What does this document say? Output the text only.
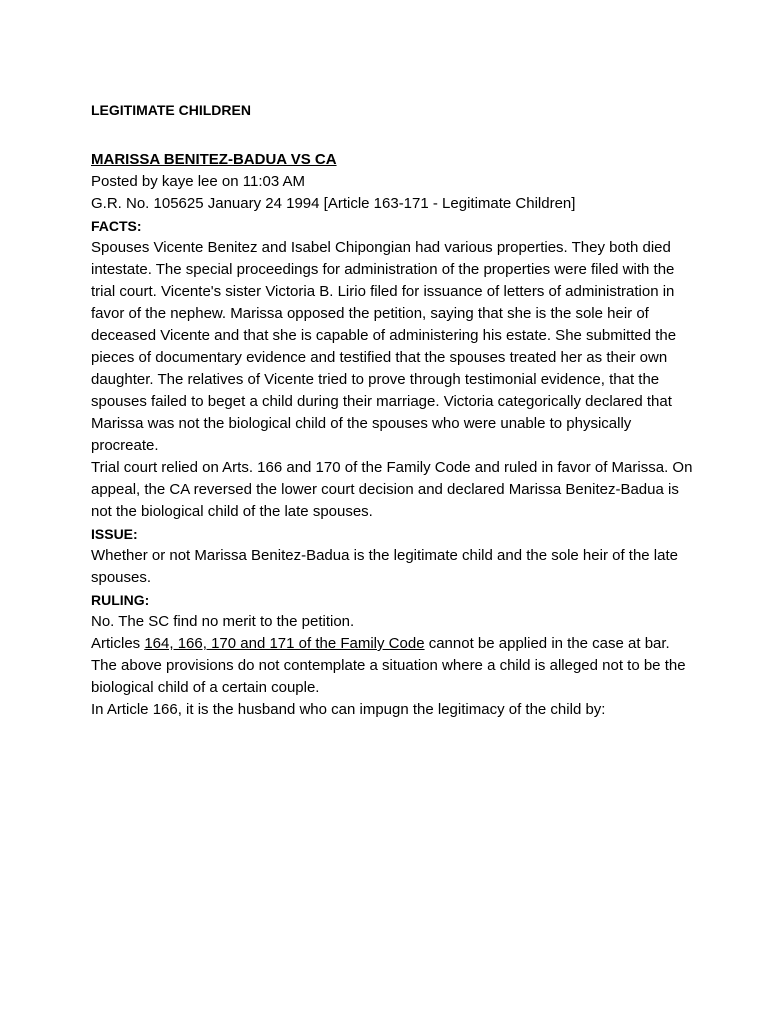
LEGITIMATE CHILDREN
MARISSA BENITEZ-BADUA VS CA
Posted by kaye lee on 11:03 AM
G.R. No. 105625 January 24 1994 [Article 163-171 - Legitimate Children]
FACTS:

Spouses Vicente Benitez and Isabel Chipongian had various properties. They both died intestate. The special proceedings for administration of the properties were filed with the trial court. Vicente's sister Victoria B. Lirio filed for issuance of letters of administration in favor of the nephew. Marissa opposed the petition, saying that she is the sole heir of deceased Vicente and that she is capable of administering his estate. She submitted the pieces of documentary evidence and testified that the spouses treated her as their own daughter. The relatives of Vicente tried to prove through testimonial evidence, that the spouses failed to beget a child during their marriage. Victoria categorically declared that Marissa was not the biological child of the spouses who were unable to physically procreate.

Trial court relied on Arts. 166 and 170 of the Family Code and ruled in favor of Marissa. On appeal, the CA reversed the lower court decision and declared Marissa Benitez-Badua is not the biological child of the late spouses.

ISSUE:

Whether or not Marissa Benitez-Badua is the legitimate child and the sole heir of the late spouses.

RULING:

No. The SC find no merit to the petition.

Articles 164, 166, 170 and 171 of the Family Code cannot be applied in the case at bar. The above provisions do not contemplate a situation where a child is alleged not to be the biological child of a certain couple.

In Article 166, it is the husband who can impugn the legitimacy of the child by:
